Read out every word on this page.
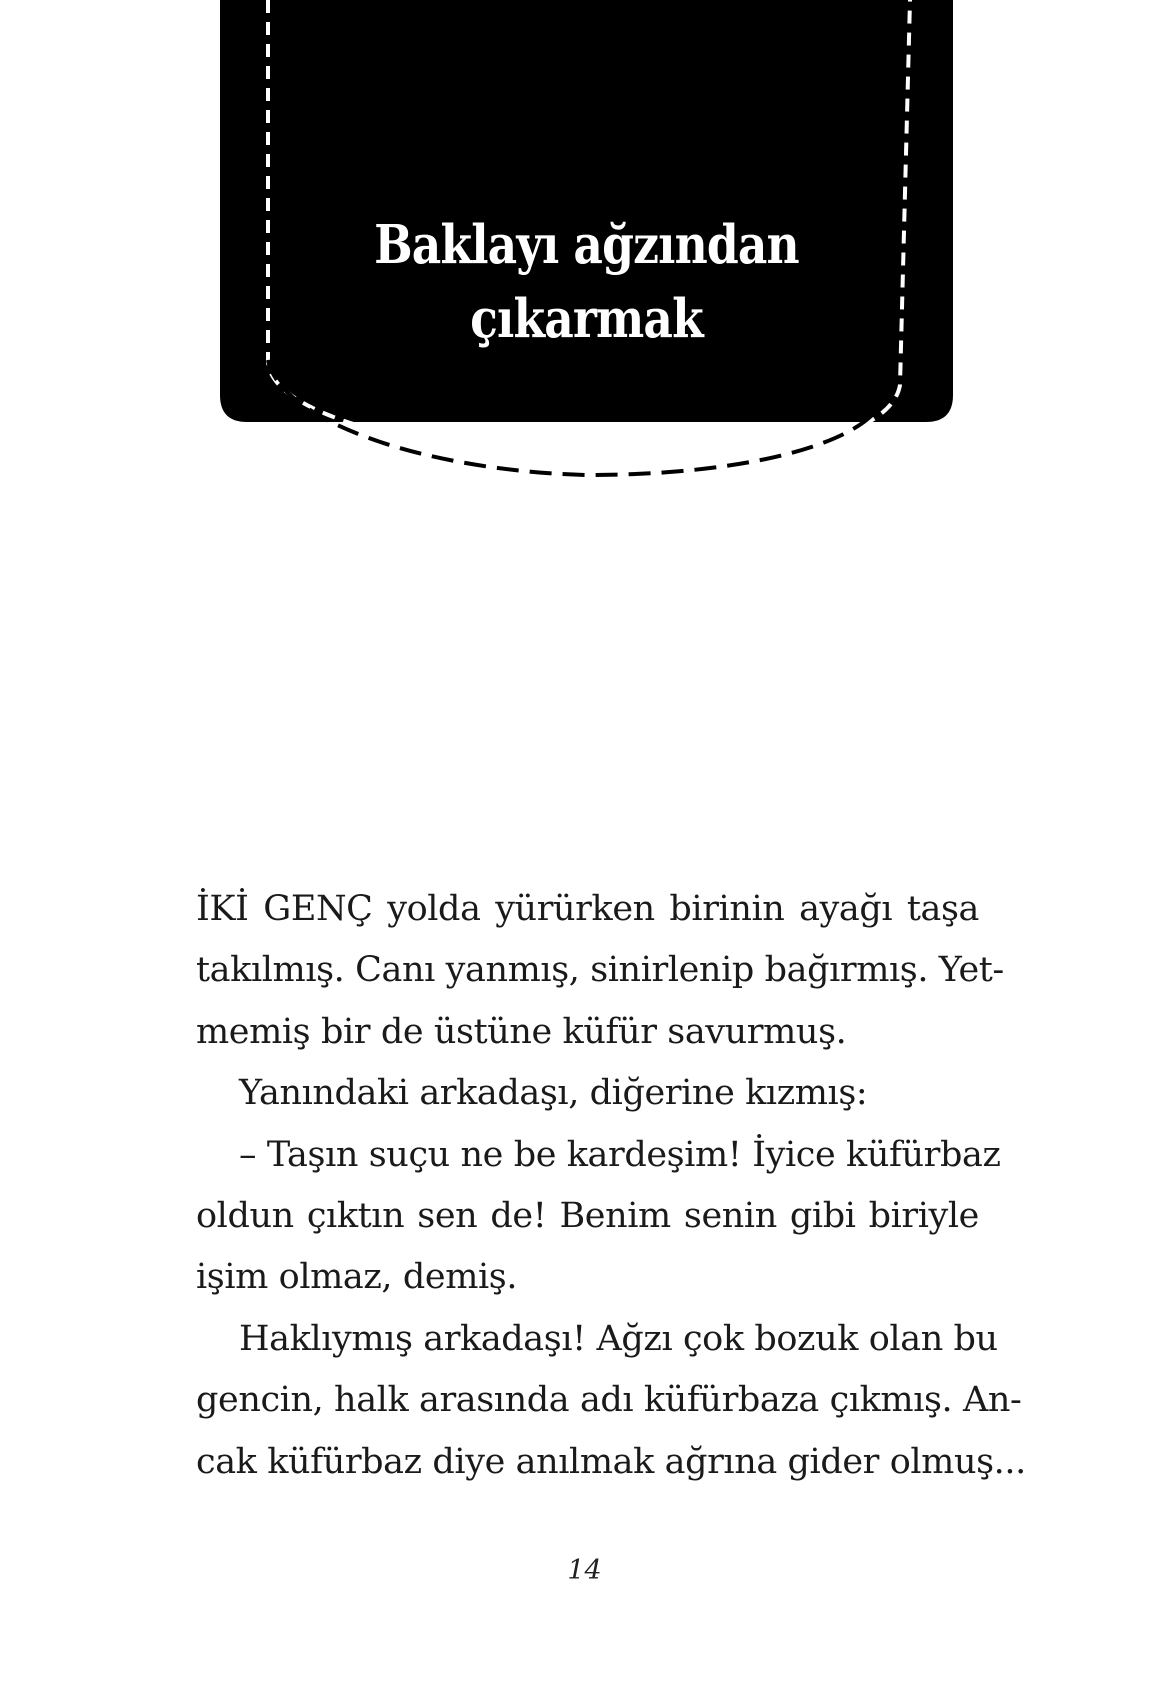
Baklayı ağzından
çıkarmak
İKİ GENÇ yolda yürürken birinin ayağı taşa
takılmış. Canı yanmış, sinirlenip bağırmış. Yet-
memiş bir de üstüne küfür savurmuş.
Yanındaki arkadaşı, diğerine kızmış:
– Taşın suçu ne be kardeşim! İyice küfürbaz
oldun çıktın sen de! Benim senin gibi biriyle
işim olmaz, demiş.
Haklıymış arkadaşı! Ağzı çok bozuk olan bu
gencin, halk arasında adı küfürbaza çıkmış. An-
cak küfürbaz diye anılmak ağrına gider olmuş...
14
